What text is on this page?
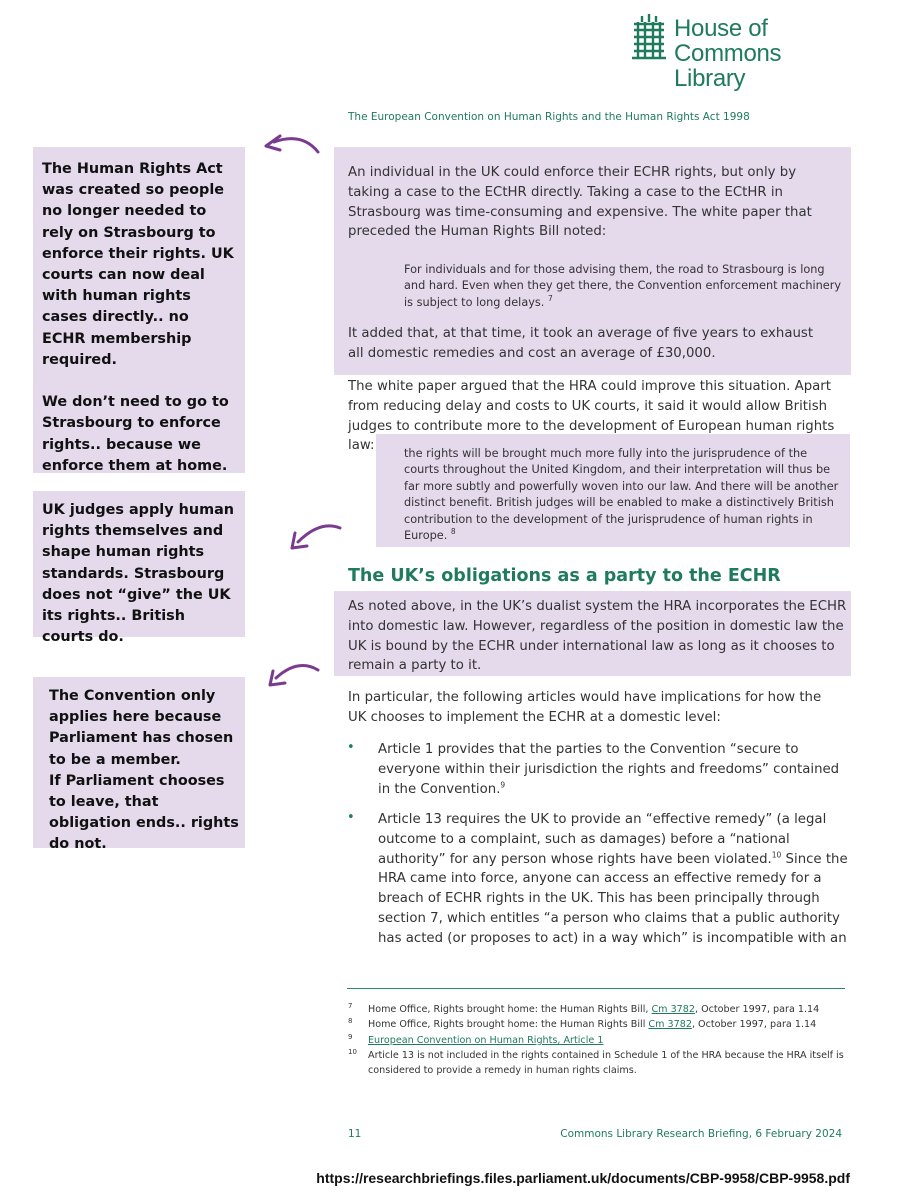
House of Commons
Library
The European Convention on Human Rights and the Human Rights Act 1998
An individual in the UK could enforce their ECHR rights, but only by taking a case to the ECtHR directly. Taking a case to the ECtHR in Strasbourg was time-consuming and expensive. The white paper that preceded the Human Rights Bill noted:
For individuals and for those advising them, the road to Strasbourg is long and hard. Even when they get there, the Convention enforcement machinery is subject to long delays. $^7$
It added that, at that time, it took an average of five years to exhaust all domestic remedies and cost an average of £30,000.
The white paper argued that the HRA could improve this situation. Apart from reducing delay and costs to UK courts, it said it would allow British judges to contribute more to the development of European human rights law:
the rights will be brought much more fully into the jurisprudence of the courts throughout the United Kingdom, and their interpretation will thus be far more subtly and powerfully woven into our law. And there will be another distinct benefit. British judges will be enabled to make a distinctively British contribution to the development of the jurisprudence of human rights in Europe. $^8$
The UK’s obligations as a party to the ECHR
As noted above, in the UK’s dualist system the HRA incorporates the ECHR into domestic law. However, regardless of the position in domestic law the UK is bound by the ECHR under international law as long as it chooses to remain a party to it.
In particular, the following articles would have implications for how the UK chooses to implement the ECHR at a domestic level:
• Article 1 provides that the parties to the Convention “secure to everyone within their jurisdiction the rights and freedoms” contained in the Convention.$^9$
• Article 13 requires the UK to provide an “effective remedy” (a legal outcome to a complaint, such as damages) before a “national authority” for any person whose rights have been violated.$^{10}$ Since the HRA came into force, anyone can access an effective remedy for a breach of ECHR rights in the UK. This has been principally through section 7, which entitles “a person who claims that a public authority has acted (or proposes to act) in a way which” is incompatible with an
7 Home Office, Rights brought home: the Human Rights Bill, Cm 3782, October 1997, para 1.14
8 Home Office, Rights brought home: the Human Rights Bill Cm 3782, October 1997, para 1.14
9 European Convention on Human Rights, Article 1
10 Article 13 is not included in the rights contained in Schedule 1 of the HRA because the HRA itself is considered to provide a remedy in human rights claims.
11	Commons Library Research Briefing, 6 February 2024
The Human Rights Act was created so people no longer needed to rely on Strasbourg to enforce their rights. UK courts can now deal with human rights cases directly.. no ECHR membership required.

We don’t need to go to Strasbourg to enforce rights.. because we enforce them at home.
UK judges apply human rights themselves and shape human rights standards. Strasbourg does not “give” the UK its rights.. British courts do.
The Convention only applies here because Parliament has chosen to be a member.
If Parliament chooses to leave, that obligation ends.. rights do not.
https://researchbriefings.files.parliament.uk/documents/CBP-9958/CBP-9958.pdf
